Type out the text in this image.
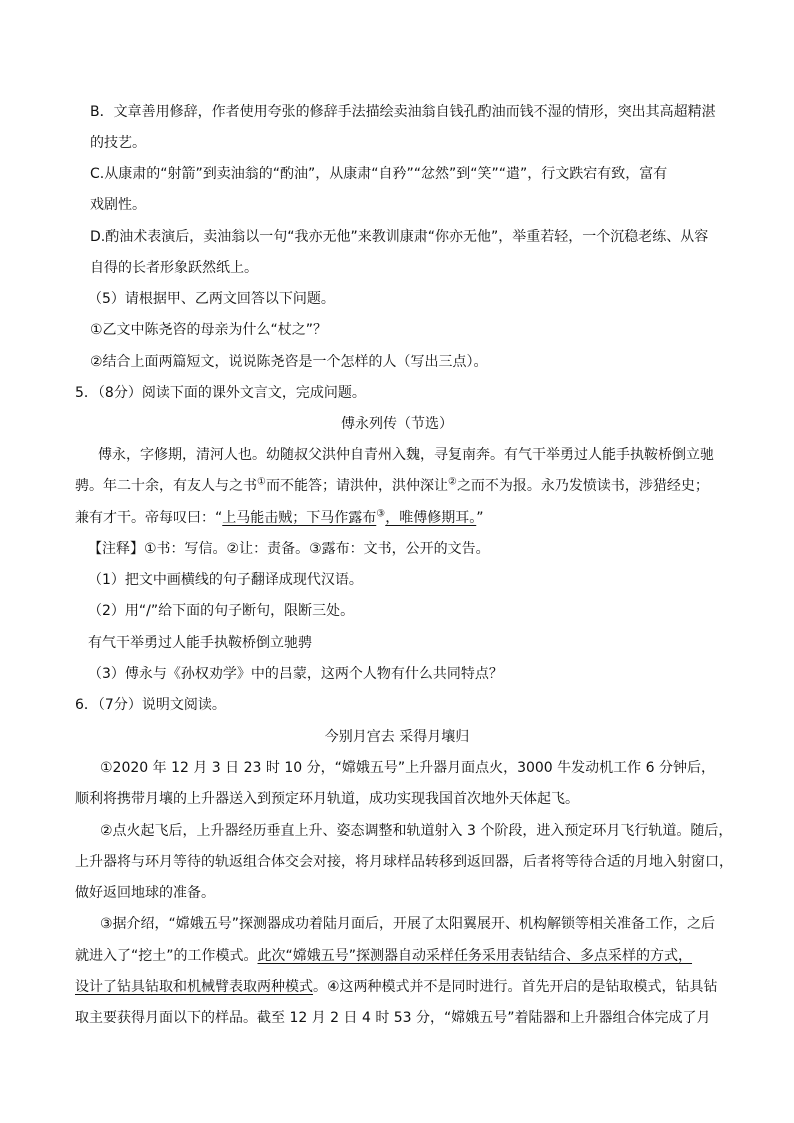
B．文章善用修辞，作者使用夸张的修辞手法描绘卖油翁自钱孔酌油而钱不湿的情形，突出其高超精湛
的技艺。
C.从康肃的“射箭”到卖油翁的“酌油”，从康肃“自矜”“忿然”到“笑”“遣”，行文跌宕有致，富有
戏剧性。
D.酌油术表演后，卖油翁以一句“我亦无他”来教训康肃“你亦无他”，举重若轻，一个沉稳老练、从容
自得的长者形象跃然纸上。
（5）请根据甲、乙两文回答以下问题。
①乙文中陈尧咨的母亲为什么“杖之”？
②结合上面两篇短文，说说陈尧咨是一个怎样的人（写出三点）。
5．（8分）阅读下面的课外文言文，完成问题。
傅永列传（节选）
傅永，字修期，清河人也。幼随叔父洪仲自青州入魏，寻复南奔。有气干举勇过人能手执鞍桥倒立驰
骋。年二十余，有友人与之书①而不能答；请洪仲，洪仲深让②之而不为报。永乃发愤读书，涉猎经史；
兼有才干。帝每叹曰：“上马能击贼；下马作露布③，唯傅修期耳。”
【注释】①书：写信。②让：责备。③露布：文书，公开的文告。
（1）把文中画横线的句子翻译成现代汉语。
（2）用“/”给下面的句子断句，限断三处。
有气干举勇过人能手执鞍桥倒立驰骋
（3）傅永与《孙权劝学》中的吕蒙，这两个人物有什么共同特点？
6．（7分）说明文阅读。
今别月宫去 采得月壤归
①2020 年 12 月 3 日 23 时 10 分，“嫦娥五号”上升器月面点火，3000 牛发动机工作 6 分钟后，
顺利将携带月壤的上升器送入到预定环月轨道，成功实现我国首次地外天体起飞。
②点火起飞后，上升器经历垂直上升、姿态调整和轨道射入 3 个阶段，进入预定环月飞行轨道。随后，
上升器将与环月等待的轨返组合体交会对接，将月球样品转移到返回器，后者将等待合适的月地入射窗口，
做好返回地球的准备。
③据介绍，“嫦娥五号”探测器成功着陆月面后，开展了太阳翼展开、机构解锁等相关准备工作，之后
就进入了“挖土”的工作模式。此次“嫦娥五号”探测器自动采样任务采用表钻结合、多点采样的方式，
设计了钻具钻取和机械臂表取两种模式。④这两种模式并不是同时进行。首先开启的是钻取模式，钻具钻
取主要获得月面以下的样品。截至 12 月 2 日 4 时 53 分，“嫦娥五号”着陆器和上升器组合体完成了月
